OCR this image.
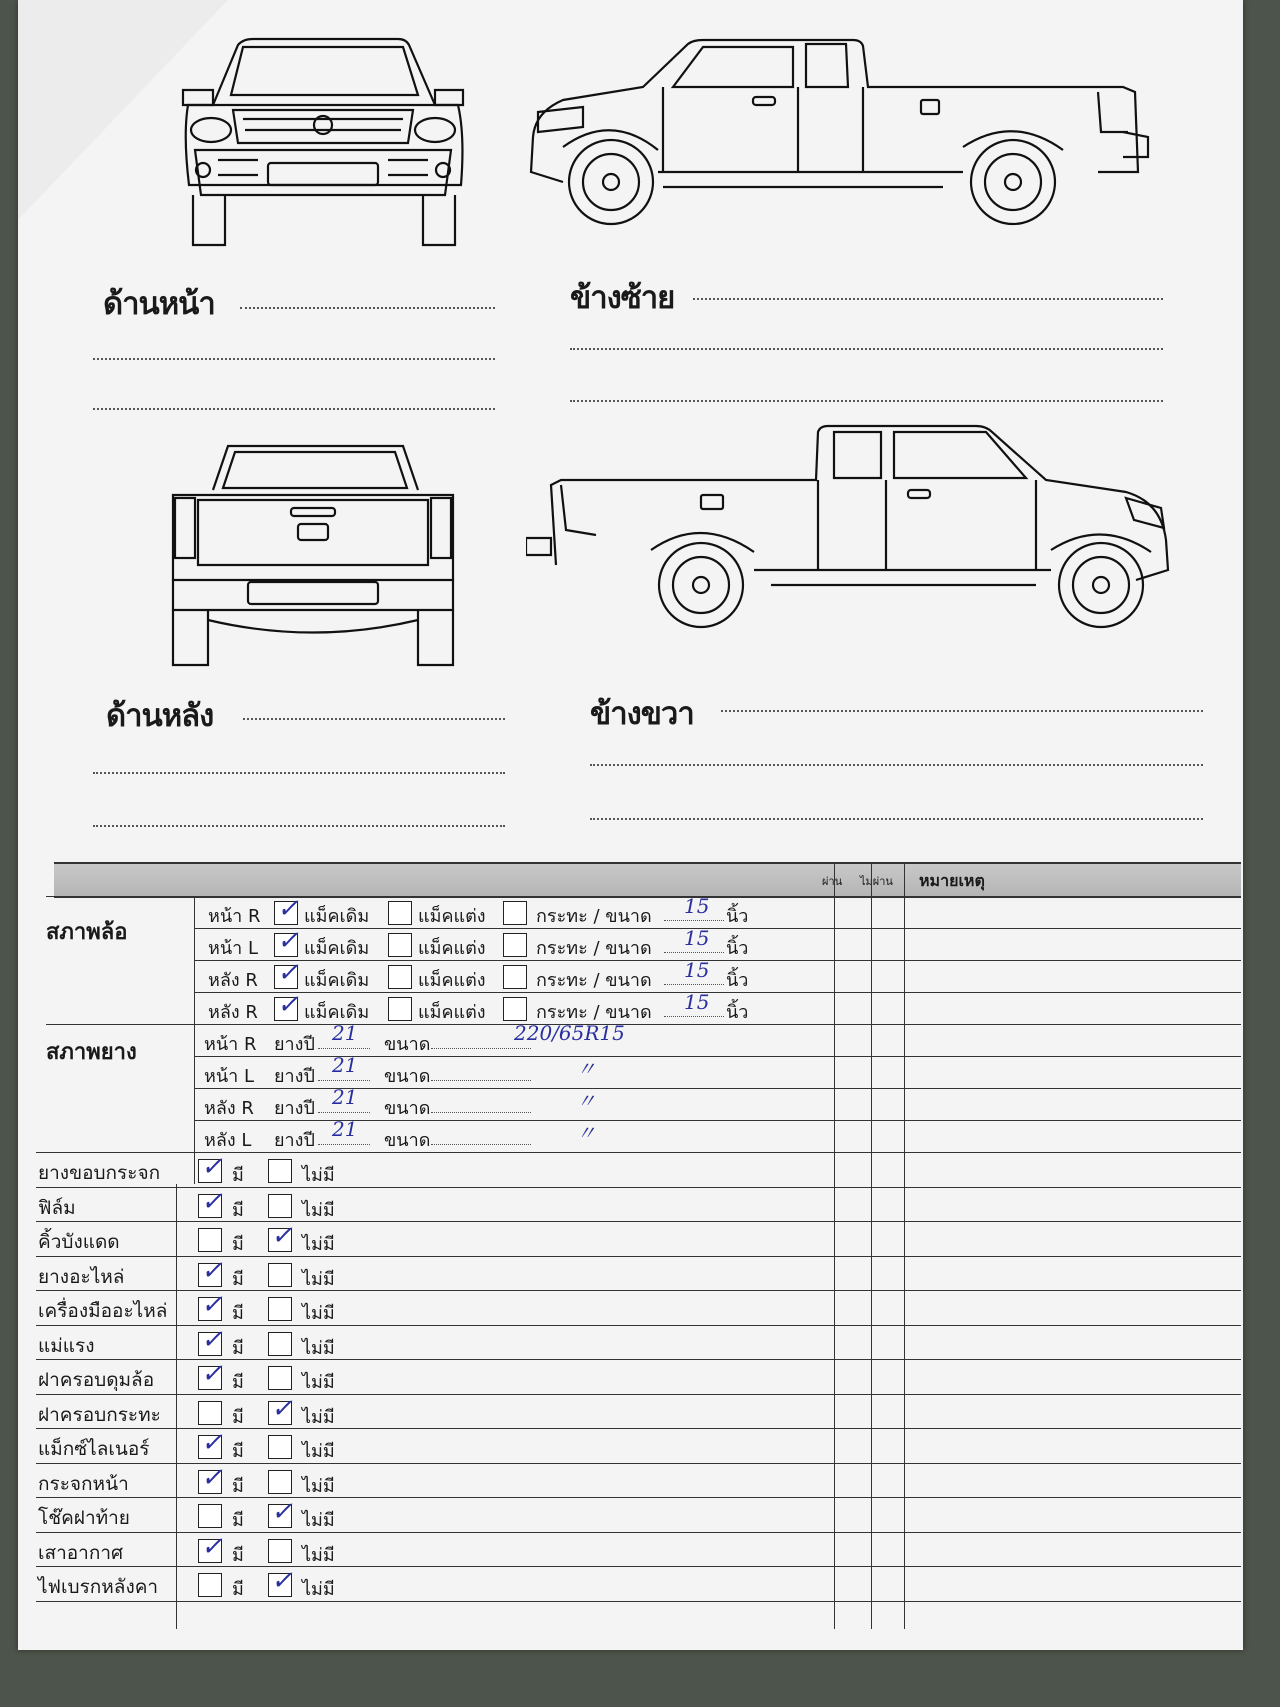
ด้านหน้า	ข้างซ้าย
ด้านหลัง	ข้างขวา
ผ่าน ไม่ผ่าน หมายเหตุ
สภาพล้อ
หน้า R ✓ แม็คเดิม	แม็คแต่ง	กระทะ / ขนาด 15 นิ้ว
หน้า L ✓ แม็คเดิม	แม็คแต่ง	กระทะ / ขนาด 15 นิ้ว
หลัง R ✓ แม็คเดิม	แม็คแต่ง	กระทะ / ขนาด 15 นิ้ว
หลัง R ✓ แม็คเดิม	แม็คแต่ง	กระทะ / ขนาด 15 นิ้ว
สภาพยาง	หน้า R ยางปี 21 ขนาด	220/65R15
หน้า L ยางปี 21 ขนาด	〃
หลัง R ยางปี 21 ขนาด	〃
หลัง L ยางปี 21 ขนาด	〃
ยางขอบกระจก ✓ มี	ไม่มี
ฟิล์ม	✓ มี	ไม่มี
คิ้วบังแดด	มี ✓ ไม่มี
ยางอะไหล่	✓ มี	ไม่มี
เครื่องมืออะไหล่ ✓ มี	ไม่มี
แม่แรง	✓ มี	ไม่มี
ฝาครอบดุมล้อ ✓ มี	ไม่มี
ฝาครอบกระทะ	มี ✓ ไม่มี
แม็กซ์ไลเนอร์ ✓ มี	ไม่มี
กระจกหน้า	✓ มี	ไม่มี
โช๊คฝาท้าย	มี ✓ ไม่มี
เสาอากาศ	✓ มี	ไม่มี
ไฟเบรกหลังคา	มี ✓ ไม่มี
